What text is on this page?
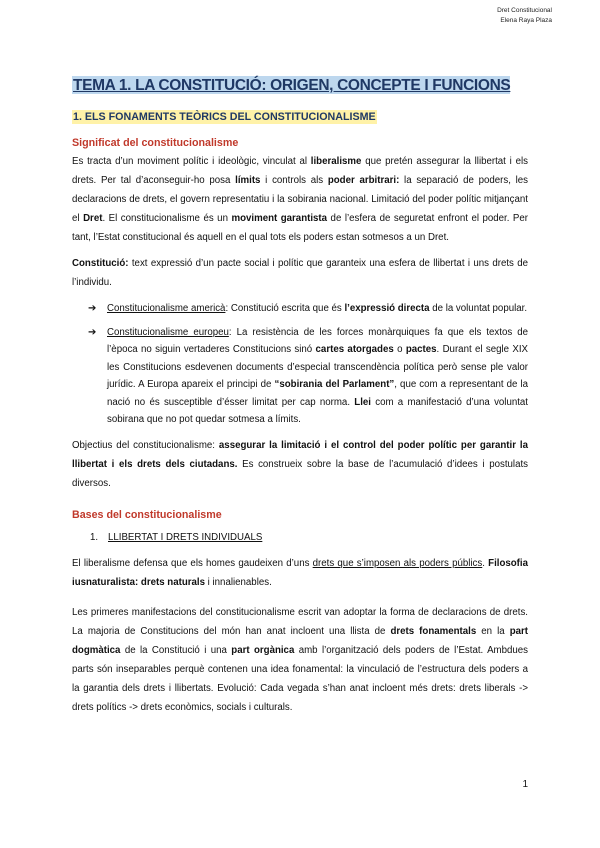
Dret Constitucional
Elena Raya Plaza
TEMA 1. LA CONSTITUCIÓ: ORIGEN, CONCEPTE I FUNCIONS
1. ELS FONAMENTS TEÒRICS DEL CONSTITUCIONALISME
Significat del constitucionalisme

Es tracta d’un moviment polític i ideològic, vinculat al liberalisme que pretén assegurar la llibertat i els drets. Per tal d’aconseguir-ho posa límits i controls als poder arbitrari: la separació de poders, les declaracions de drets, el govern representatiu i la sobirania nacional. Limitació del poder polític mitjançant el Dret. El constitucionalisme és un moviment garantista de l’esfera de seguretat enfront el poder. Per tant, l’Estat constitucional és aquell en el qual tots els poders estan sotmesos a un Dret.

Constitució: text expressió d’un pacte social i polític que garanteix una esfera de llibertat i uns drets de l’individu.

➔ Constitucionalisme americà: Constitució escrita que és l’expressió directa de la voluntat popular.
➔ Constitucionalisme europeu: La resistència de les forces monàrquiques fa que els textos de l’època no siguin vertaderes Constitucions sinó cartes atorgades o pactes. Durant el segle XIX les Constitucions esdevenen documents d’especial transcendència política però sense ple valor jurídic. A Europa apareix el principi de “sobirania del Parlament”, que com a representant de la nació no és susceptible d’ésser limitat per cap norma. Llei com a manifestació d’una voluntat sobirana que no pot quedar sotmesa a límits.

Objectius del constitucionalisme: assegurar la limitació i el control del poder polític per garantir la llibertat i els drets dels ciutadans. Es construeix sobre la base de l’acumulació d’idees i postulats diversos.

Bases del constitucionalisme
1. LLIBERTAT I DRETS INDIVIDUALS

El liberalisme defensa que els homes gaudeixen d’uns drets que s’imposen als poders públics. Filosofia iusnaturalista: drets naturals i innalienables.

Les primeres manifestacions del constitucionalisme escrit van adoptar la forma de declaracions de drets. La majoria de Constitucions del món han anat incloent una llista de drets fonamentals en la part dogmàtica de la Constitució i una part orgànica amb l’organització dels poders de l’Estat. Ambdues parts són inseparables perquè contenen una idea fonamental: la vinculació de l’estructura dels poders a la garantia dels drets i llibertats. Evolució: Cada vegada s’han anat incloent més drets: drets liberals -> drets polítics -> drets econòmics, socials i culturals.

1
